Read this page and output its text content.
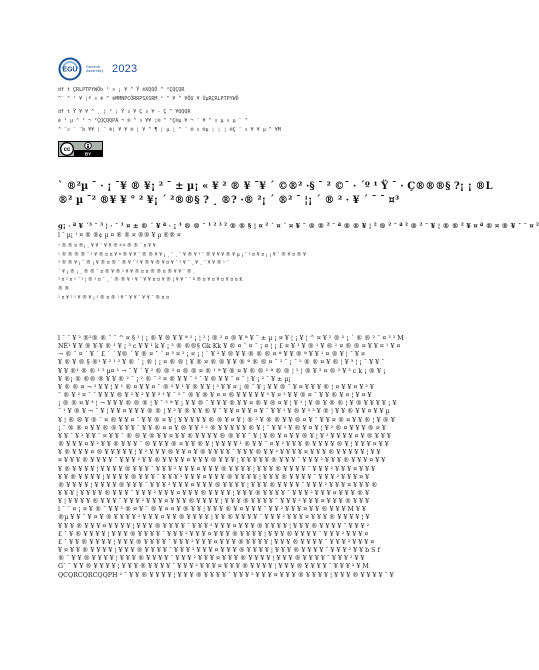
EGU General Assembly 2023
df t ÇRLPTPYWÔb ¹ ¤ ¡ ¥ ^ Ÿ ®XQQÔ ^ ²ÇQÇQR
^¨ ^ ¹ ¥ ¦ª ¤ ® ^ ®MMNPCÔRRPSXSRM ¹ ^ ¥ ^ ¥ÔU ¥ ÚµRÇRLPTPYWÔ
df t Ÿ ¥ ¥ ^ ¸ ¦ ² ¦ Ÿ ¤ ¥ Ç ¤ ¥ - Ç ^ ¥QQQR
é ² µ ^ ¹ ¬ ²ÇQÇQQPÁ ¬ ® ^ ¤ ¥¥ ¦® ^ ²Ç®µ ¥ ¬ ¨ ¥ ^ ¤ µ ¤ µ ¨ ^
^ ¯¤ ¨ ¨b ¥¥ ¦ ¯ ®¦ ¥ ¥ ® ¦ ¥ ^ ¶ ¦ µ ¦ ^ ¨ ® ¤ ®µ ¦ ¦ ¦ ®Ç ¯ ¤ ¥ ¥ µ ^ ¥M
cc
BY
` ®²µ ¯ · ¡ ¯¥ ® ¥¡ ² ¯ ± µ¡ « ¥ ² ® ¥ ¯¥ ´ ©®² ·§ ¯ ² ©¯ · ´º ¹ Ÿ ¯ · Ç®®®§ ?¡ ¡ ®L
®² µ ¯² ®¥ ¥ ° ² ¥¡ ´ ²®®§ ? ¸ ®? ·® ²¡ ´ ®² ¯ ¦¡ ´ ® ² · ¥ ´ ¯ ¯ ¤³
g¡ · ª ¥ ´³ ¯ ³ ¦ · ¯ ¹ ¤ ± ® ´ ¥ ª · ¡ ³ ® ® ¯ ¹ ² ³ ² ® ® § ¦ ¤ ² ´ ¤ ´ ¤ ¥ ¯ ® ® ² ¯ ª ® ® ¥ ¦ ² ® ² ¯ ª ² ® ² ¯ ¥ ¦ ® ® ² ¥ ¤ ª ® ¤ ® ¥ ¯ ¯ ¤ ²
l ¯ µ¡ ¹ ¤ ® ®¢ µ ¤ ® ® ¤ ®® ¥ µ ®® ¤
¹ ® ® ¤ ®¡ ¸ ¥ ¥ ¯ ¥ ¥ ® ª ª ® ® ´ ¤ ¥ ¥
¹ ® ® ® ® ¯ ¹ ¥ ® ¤ ¤ ¥ ª ® ¥ ¥ ¯ ® ® ¥ ¥ ¡ ¸ ¯ ¸ ¯ ¥ ® ¥ ² ¯ ® ¥ ¥ ¥ ® ¥ µ ¡ ¯ ² ¤ ¥ ¤ ¡ ¡ ¥ ¯ ® ¥ ¤ ® ¥
³ ® ® ¥ ¡ ¯ ® ¡ ¥ ® ¤ ® ¯ ® ¥ ¯ ² ¥ ® ¥ ® ¥ ¤ ¥ ¯ ² ¥ ¯ ¸ ¥ ¸ ¯ ¥ ¥ ® ¹ ¯
´ ¥ ¡ ® ¡ ¸ ® ® ¯ ¤ ® ¥ ® ² ¥ ¥ ® ¤ ¤ ® ® ¤ ® ¥ ¥ ¯ ® ¸
³ ¤ ² ¤ ¹ ¯ ² ¦ ® ² ¤ ¯ ¸ ¯ ® ® ¥ ¹ ¥ ¯ ¥ ¥ ¤ ¤ ¥ ® ¦ ¥ ¥ ¯ ¯ ª ® ¤ ¥ ¤ ¥ ¤ ¥ ¤ ¤ K
® ®
¹ ¤ ¥ ² ¹ ¥ ® ¥ ¡ ² ® ¤ ® ¹ ¥ ¯ ¥ ¥ ¯ ¥ ¥ ¯ ® ¤ ¤
l ¯ ¯ ¥ ² ®²® ® ¯ ¯ ^ ¤ § ¹ ¦ ¡ ® ¥ ® ¥ ¥ ª ² ¡ ¦ ² ¦ ® ² ¤ ® ¥ ª ¥ ¯ ± µ ¡ ¤ ¥ ¦ ¡ ¥ ¦ ^ ¤ ¥ ² ® ² ¡ ´ ® ® ² ¯ ¤ ³ ³ M
NÊ¹ ¥ ¥ ® ¥ ¥ ® ¹ ¥ ¡ ³ c ¥ ¥ ¹ k ¥ ¡ ³ ® ®®§ Gk Kk ¥ ® ¤ ¨ ¤ ¯ ¡ ¤ ¦ ¡ £ ¤ ¥ ¹ ¥ ® ¹ ¥ ® ¹ ¤ ® ® ¤ ¥ ¥ ¤ ¹ ¥ ¤
¬ ® ¯ ¤ ´ ¥ ´ £ ´ ´ ¥® ´ ¥ ® ¤ ¯ ´ ¤ ³ ¤ ² ¡ ¤ ¡ ¦ ¨ ¥ ² ¥ ® ¥ ¥ ® ® ® ¤ ª ¥ ¥ ® ª ¥ ¥ ¹ ¤ ® ¥ ¦ ¯ ¥ ¤
¥ ® ¥ ® § ®¹ ¥ ² ¹ ² ¥ ® ´ ¡ ® ¦ ¡ ¤ ® ® ¦ ¥ ® ¤ ® ® ¥ ¥ ® ª ® ® ¤ ¯ ² ¯ ¡ ¯ ² ® ® ¤ ¥ ® ¦ ¥ ³ ¦ ¡ ¯ ¥ ¥ ¯
¥ ¥ ®¹ ® ® ¹ ³ µ¤ ¹ ¬ ¯ ¥ ´ ¥ ² ® ® ² ¤ ® ® ¤ ® ¹ ª ¥ ® ¤ ¥ ® ® ² ª ® ® ¦ ² ¦ ® ¥ ³ ¤ ® ² ¥ ³ c k ¡ ® ¥ ¡
¥ ®¡ ® ®® ® ¥ ¥ ® ² ¯ ¡ ² ® ¯ ² ¤ ® ¥ ¥ ¯ ² ¯ ¥ ® ¥ ¥ ¯ ¤ ¯ ¦ ¥ ¡ ² ¯ ¥ ± µ¡
¥ ® ® ¤ ¬ ² ¥ ¥ ¦ ¥ ¹ ® ¤ ¥ ¥ ¤ ¯ ® ² ¥ ¹ ¥ ® ¥ ¥ ¦ ³ ¥ ¥ ¤ ¡ ® ¯ ¥ ¡ ¥ ¥ ® ¯ ¥ ¤ ¥ ¥ ¥ ® ¦ ¤ ¥ ¥ ¤ ¥ ² ¥
¯ ® ¥ ² ¤ ¯ ¯ ¥ ¥ ¥ ® ¥ ² ¥ ² ¥ ¥ ³ ¹ ¥ ¯ ² ¯ ® ¥ ® ¥ ¤ ¤ ® ¥ ¥ ¥ ¥ ¥ ² ¥ ¤ ² ¥ ¥ ® ¤ ¯ ¥ ¥ ® ¥ ¤ ¦ ¥ ¤ ¥
¡ ® ® ¤ ¥ ³ ¦ ¬ ¥ ¥ ¥ ® ® ® ¦ ¥ ¯ ³ ª ¥ ¡ ¥ ¥ ® ¯ ¥ ¥ ¥ ® ¥ ¥ ¤ ® ¥ ® ¤ ¥ ¦ ¥ ¹ ¦ ¥ ® ¥ ® ® ¦ ¥ ® ¥ ¥ ¥ ¥ ¡ ¥
¯ ¹ ¥ ® ¥ ¬ ¯ ¥ ¦ ¥ ¥ ¤ ¥ ¥ ¥ ® ® ¦ ¥ ² ¥ ® ¥ ¥ ® ¥ ¯ ¥ ¥ ¤ ¥ ¥ ¤ ¥ ¯ ¥ ¥ ¹ ¥ ® ¥ ² ³ ¥ ® ¦ ¥ ¥ ® ¥ ¥ ¤ ¥ ¥ µ
¥ ¦ ® ® ¥ ® ¯ ¤ ® ¥ ¥ ¤ ¯ ¥ ¥ ® ¤ ¥ ¦ ¥ ¥ ¥ ¥ ¥ ® ® ¥ ¤ ¥ ¦ ® ² ¥ ® ® ¥ ¥ ® ¤ ¥ ¯ ¥ ¥ ¤ ® ¤ ¥ ¥ ® ¦ ¥ ® ¥
¡ ¯ ® ® ¤ ¥ ¥ ® ® ¥ ¥ ¥ ¯ ¥ ¥ ® ¤ ¤ ¥ ® ¥ ¥ ² ² ® ¥ ¥ ¥ ¥ ¥ ® ¥ ¦ ¯ ¥ ¥ ¹ ¥ ® ¥ ¤ ¥ ¦ ¥ ² ® ¤ ¥ ¥ ¥ ® ¤ ¥
¥ ¥ ¯ ¥ ² ¥ ¥ ¯ ¤ ¥ ¥ ¯ ® ® ¥ ® ¥ ¥ ¤ ¥ ¥ ® ¥ ¥ ¥ ¥ ® ® ¥ ¥ ¯ ¥ ¦ ¥ ® ¥ ¤ ¥ ¥ ® ¥ ¦ ¥ ² ¥ ¥ ¥ ¥ ¤ ¥ ® ¥ ¥ ¥
® ¥ ¥ ¥ ¤ ¥ ² ¥ ¥ ® ¥ ¥ ¥ ¯ ® ¥ ¥ ¥ ® ¤ ¥ ¥ ® ¥ ¦ ¥ ¥ ¥ ¥ ¹ ® ¥ ¥ ¯ ¤ ¥ ² ¥ ¥ ¥ ® ¥ ¥ ¥ ¥ ® ¥ ¦ ¥ ¥ ¥ ¤ ¥ ¥
¥ ® ¥ ¥ ¥ ¤ ® ¥ ¥ ¥ ¥ ¥ ¦ ¥ ² ¥ ¥ ¥ ® ¥ ¥ ¤ ¥ ® ¥ ¥ ¥ ¥ ¯ ¥ ¥ ¥ ® ¥ ¥ ² ¥ ¥ ¥ ¥ ¤ ¥ ¥ ¥ ® ¥ ¥ ¥ ¥ ¥ ¦ ¥ ¥
¤ ¥ ¥ ¥ ® ¥ ¥ ¥ ¥ ¯ ¥ ¥ ¥ ² ¥ ¥ ® ¥ ¥ ¥ ¥ ¤ ¥ ¥ ¥ ® ¥ ¥ ¥ ¦ ¥ ¥ ¥ ¥ ¥ ® ¥ ¥ ¥ ¯ ¥ ¥ ¥ ² ¥ ¥ ¥ ® ¥ ¥ ¥ ¤ ¥ ¥
¥ ® ¥ ¥ ¥ ¥ ¦ ¥ ¥ ¥ ¥ ® ¥ ¥ ¥ ¯ ¥ ¥ ¥ ² ¥ ¥ ¥ ¤ ¥ ¥ ¥ ® ¥ ¥ ¥ ¥ ¦ ¥ ¥ ¥ ® ¥ ¥ ¥ ¥ ¯ ¥ ¥ ¥ ² ¥ ¥ ¥ ¤ ¥ ¥ ¥
¥ ¥ ® ¥ ¥ ¥ ¥ ¦ ¥ ¥ ¥ ¥ ® ¥ ¥ ¥ ¯ ¥ ¥ ¥ ² ¥ ¥ ¥ ¤ ¥ ¥ ¥ ® ¥ ¥ ¥ ¥ ¦ ¥ ¥ ¥ ® ¥ ¥ ¥ ¥ ¯ ¥ ¥ ¥ ² ¥ ¥ ¥ ¤ ¥
® ¥ ¥ ¥ ¥ ¦ ¥ ¥ ¥ ¥ ® ¥ ¥ ¥ ¯ ¥ ¥ ¥ ² ¥ ¥ ¥ ¤ ¥ ¥ ¥ ® ¥ ¥ ¥ ¥ ¦ ¥ ¥ ¥ ® ¥ ¥ ¥ ¥ ¯ ¥ ¥ ¥ ² ¥ ¥ ¥ ¤ ¥ ¥ ¥ ®
¥ ¥ ¥ ¦ ¥ ¥ ¥ ¥ ® ¥ ¥ ¥ ¯ ¥ ¥ ¥ ² ¥ ¥ ¥ ¤ ¥ ¥ ¥ ® ¥ ¥ ¥ ¥ ¦ ¥ ¥ ¥ ® ¥ ¥ ¥ ¥ ¯ ¥ ¥ ¥ ² ¥ ¥ ¥ ¤ ¥ ¥ ¥ ® ¥
¥ ¦ ¥ ¥ ¥ ¥ ® ¥ ¥ ¥ ¯ ¥ ¥ ¥ ² ¥ ¥ ¥ ¤ ¥ ¥ ¥ ® ¥ ¥ ¥ ¥ ¦ ¥ ¥ ¥ ® ¥ ¥ ¥ ¥ ¯ ¥ ¥ ¥ ² ¥ ¥ ¥ ¤ ¥ ¥ ¥ ® ¥ ¥ ¥
l ¯ ¯ ¤ ¡ ¤ ¥ ® ¯ ¥ ¥ ³ ® ¤ ¥ ¯ ® ¥ ¤ ¤ ¥ ® ¥ ¥ ¦ ¥ ¥ ¥ ® ¥ ¤ ¥ ¥ ¥ ¯ ¥ ¥ ² ¥ ¥ ¥ ¤ ¥ ¥ ® ¥ ¥ ¥ M ¥ ¥
®µ ¥ ¥ ¯ ¥ ¤ ¥ ® ¥ ¥ ¥ ¥ ² ¥ ¥ ¥ ¤ ¥ ¥ ® ¥ ¥ ¥ ¥ ¦ ¥ ¥ ® ¥ ¥ ¥ ¥ ¯ ¥ ¥ ¥ ² ¥ ¥ ¥ ¤ ¥ ¥ ¥ ® ¥ ¥ ¥ ¥ ¦ ¥
¥ ¥ ¥ ® ¥ ¥ ¥ ¤ ¥ ¥ ¥ ¥ ¦ ¥ ¥ ¥ ® ¥ ¥ ¥ ¥ ¯ ¥ ¥ ¥ ² ¥ ¥ ¥ ¤ ¥ ¥ ¥ ® ¥ ¥ ¥ ¥ ¦ ¥ ¥ ¥ ® ¥ ¥ ¥ ¥ ¯ ¥ ¥ ¥ ²
£ ¯ ¥ ® ¥ ¥ ¥ ¥ ¦ ¥ ¥ ¥ ® ¥ ¥ ¥ ¥ ¯ ¥ ¥ ¥ ² ¥ ¥ ¥ ¤ ¥ ¥ ¥ ® ¥ ¥ ¥ ¥ ¦ ¥ ¥ ¥ ® ¥ ¥ ¥ ¥ ¯ ¥ ¥ ¥ ² ¥ ¥ ¥ ¤
£ ¯ ¥ ¥ ® ¥ ¥ ¥ ¥ ¦ ¥ ¥ ¥ ® ¥ ¥ ¥ ¥ ¯ ¥ ¥ ¥ ² ¥ ¥ ¥ ¤ ¥ ¥ ¥ ® ¥ ¥ ¥ ¥ ¦ ¥ ¥ ¥ ® ¥ ¥ ¥ ¥ ¯ ¥ ¥ ¥ ² ¥ ¥ ¥ ¤
¥ ¤ ¥ ¥ ® ¥ ¥ ¥ ¥ ¦ ¥ ¥ ¥ ® ¥ ¥ ¥ ¥ ¯ ¥ ¥ ¥ ² ¥ ¥ ¥ ¤ ¥ ¥ ¥ ® ¥ ¥ ¥ ¥ ¦ ¥ ¥ ¥ ® ¥ ¥ ¥ ¥ ¯ ¥ ¥ ¥ ² ¥ ¥ b S f
® ¯ ¥ ¥ ® ¥ ¥ ¥ ¥ ¦ ¥ ¥ ¥ ® ¥ ¥ ¥ ¥ ¯ ¥ ¥ ¥ ² ¥ ¥ ¥ ¤ ¥ ¥ ¥ ® ¥ ¥ ¥ ¥ ¦ ¥ ¥ ¥ ® ¥ ¥ ¥ ¥ ¯ ¥ ¥ ¥ ² ¥ ¥
G¯ ¯ ¥ ¥ ® ¥ ¥ ¥ ¥ ¦ ¥ ¥ ¥ ® ¥ ¥ ¥ ¥ ¯ ¥ ¥ ¥ ² ¥ ¥ ¥ ¤ ¥ ¥ ¥ ® ¥ ¥ ¥ ¥ ¦ ¥ ¥ ¥ ® ¥ ¥ ¥ ¥ ¯ ¥ ¥ ¥ ² ¥ M
QCQRCQRCQQPH ² ¯ ¥ ¥ ® ¥ ¥ ¥ ¥ ¦ ¥ ¥ ¥ ® ¥ ¥ ¥ ¥ ¯ ¥ ¥ ¥ ² ¥ ¥ ¥ ¤ ¥ ¥ ¥ ® ¥ ¥ ¥ ¥ ¦ ¥ ¥ ¥ ® ¥ ¥ ¥ ¥ ¯ ¥
